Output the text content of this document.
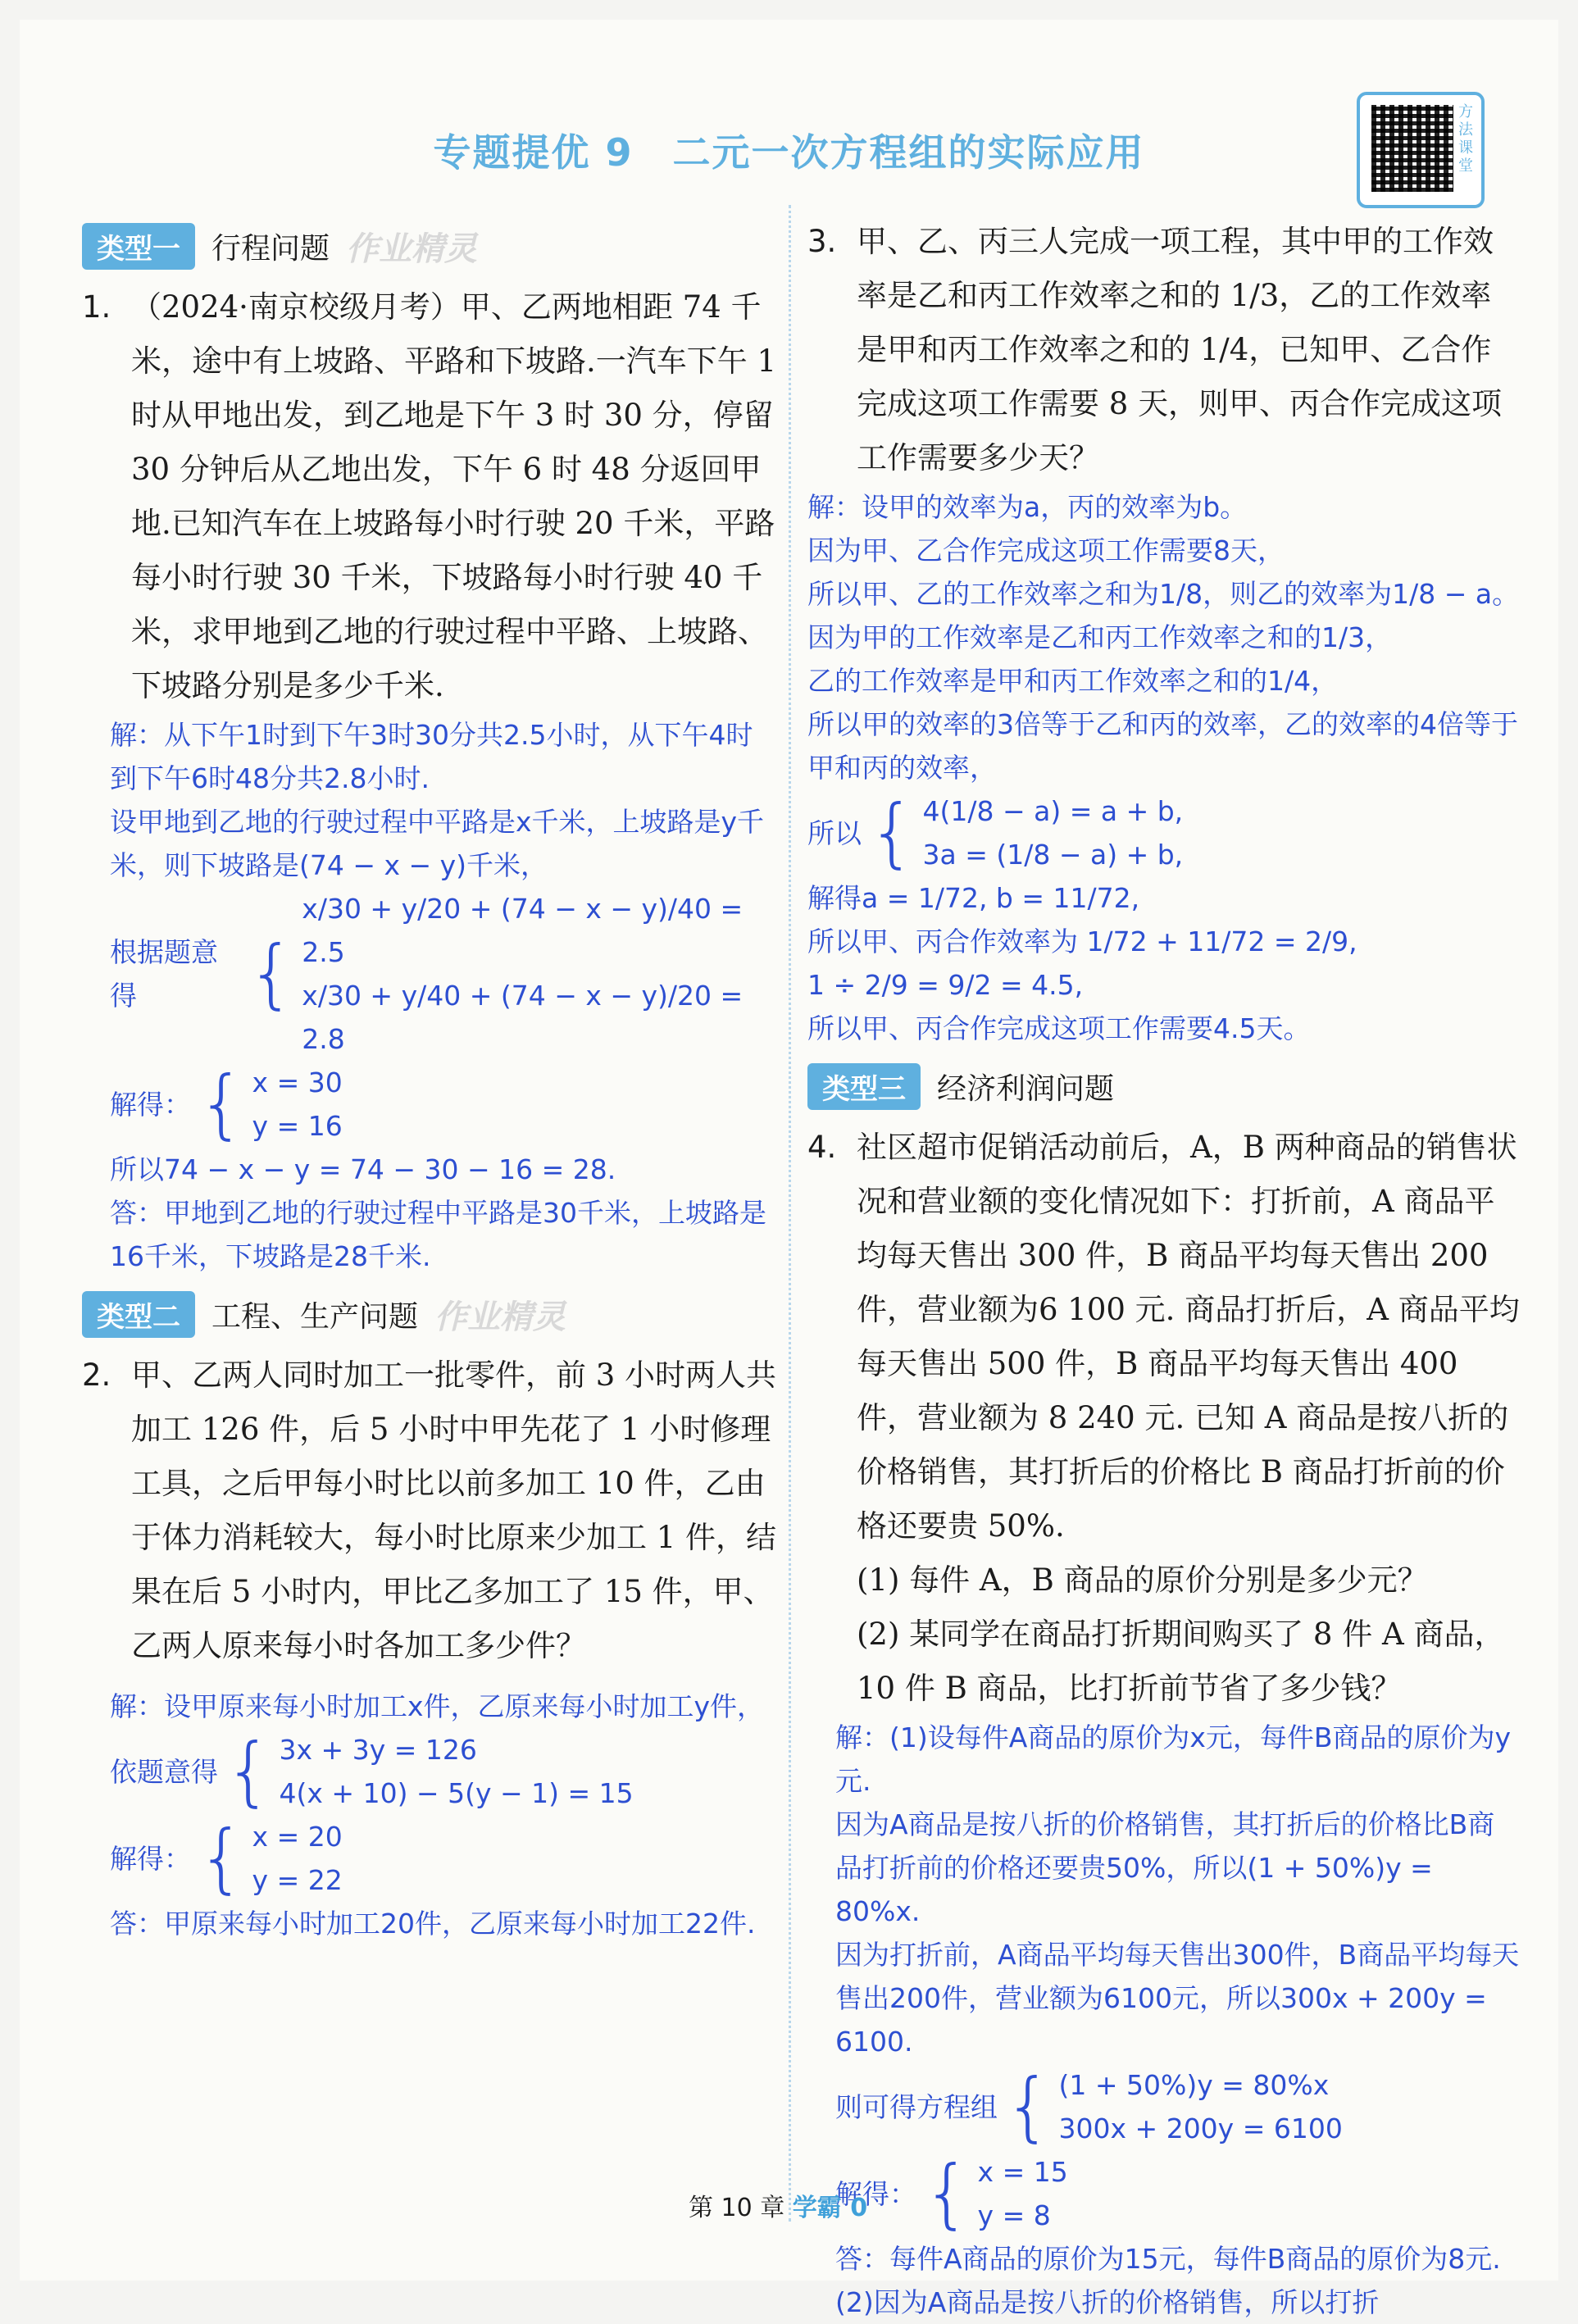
专题提优 9　二元一次方程组的实际应用
方法课堂
类型一	行程问题 作业精灵
1. （2024·南京校级月考）甲、乙两地相距 74 千米，途中有上坡路、平路和下坡路.一汽车下午 1 时从甲地出发，到乙地是下午 3 时 30 分，停留 30 分钟后从乙地出发，下午 6 时 48 分返回甲地.已知汽车在上坡路每小时行驶 20 千米，平路每小时行驶 30 千米，下坡路每小时行驶 40 千米，求甲地到乙地的行驶过程中平路、上坡路、下坡路分别是多少千米.
解：从下午1时到下午3时30分共2.5小时，从下午4时到下午6时48分共2.8小时.
设甲地到乙地的行驶过程中平路是x千米，上坡路是y千米，则下坡路是(74 − x − y)千米，
根据题意得	{
x/30 + y/20 + (74 − x − y)/40 = 2.5
x/30 + y/40 + (74 − x − y)/20 = 2.8
解得： { x = 30
y = 16
所以74 − x − y = 74 − 30 − 16 = 28.
答：甲地到乙地的行驶过程中平路是30千米，上坡路是16千米，下坡路是28千米.
类型二	工程、生产问题 作业精灵
2. 甲、乙两人同时加工一批零件，前 3 小时两人共加工 126 件，后 5 小时中甲先花了 1 小时修理工具，之后甲每小时比以前多加工 10 件，乙由于体力消耗较大，每小时比原来少加工 1 件，结果在后 5 小时内，甲比乙多加工了 15 件，甲、乙两人原来每小时各加工多少件？
解：设甲原来每小时加工x件，乙原来每小时加工y件，
依题意得 { 3x + 3y = 126
4(x + 10) − 5(y − 1) = 15
解得： { x = 20
y = 22
答：甲原来每小时加工20件，乙原来每小时加工22件.
3. 甲、乙、丙三人完成一项工程，其中甲的工作效率是乙和丙工作效率之和的 1/3，乙的工作效率是甲和丙工作效率之和的 1/4，已知甲、乙合作完成这项工作需要 8 天，则甲、丙合作完成这项工作需要多少天？
解：设甲的效率为a，丙的效率为b。
因为甲、乙合作完成这项工作需要8天，
所以甲、乙的工作效率之和为1/8，则乙的效率为1/8 − a。
因为甲的工作效率是乙和丙工作效率之和的1/3，
乙的工作效率是甲和丙工作效率之和的1/4，
所以甲的效率的3倍等于乙和丙的效率，乙的效率的4倍等于甲和丙的效率，
所以 { 4(1/8 − a) = a + b,
3a = (1/8 − a) + b,
解得a = 1/72, b = 11/72,
所以甲、丙合作效率为 1/72 + 11/72 = 2/9,
1 ÷ 2/9 = 9/2 = 4.5,
所以甲、丙合作完成这项工作需要4.5天。
类型三	经济利润问题
4. 社区超市促销活动前后，A，B 两种商品的销售状况和营业额的变化情况如下：打折前，A 商品平均每天售出 300 件，B 商品平均每天售出 200 件，营业额为6 100 元. 商品打折后，A 商品平均每天售出 500 件，B 商品平均每天售出 400 件，营业额为 8 240 元. 已知 A 商品是按八折的价格销售，其打折后的价格比 B 商品打折前的价格还要贵 50%.
(1) 每件 A，B 商品的原价分别是多少元？
(2) 某同学在商品打折期间购买了 8 件 A 商品，10 件 B 商品，比打折前节省了多少钱？
解：(1)设每件A商品的原价为x元，每件B商品的原价为y元.
因为A商品是按八折的价格销售，其打折后的价格比B商品打折前的价格还要贵50%，所以(1 + 50%)y = 80%x.
因为打折前，A商品平均每天售出300件，B商品平均每天售出200件，营业额为6100元，所以300x + 200y = 6100.
则可得方程组 { (1 + 50%)y = 80%x
300x + 200y = 6100
解得： { x = 15
y = 8
答：每件A商品的原价为15元，每件B商品的原价为8元.
(2)因为A商品是按八折的价格销售，所以打折
第 10 章 学霸 0
